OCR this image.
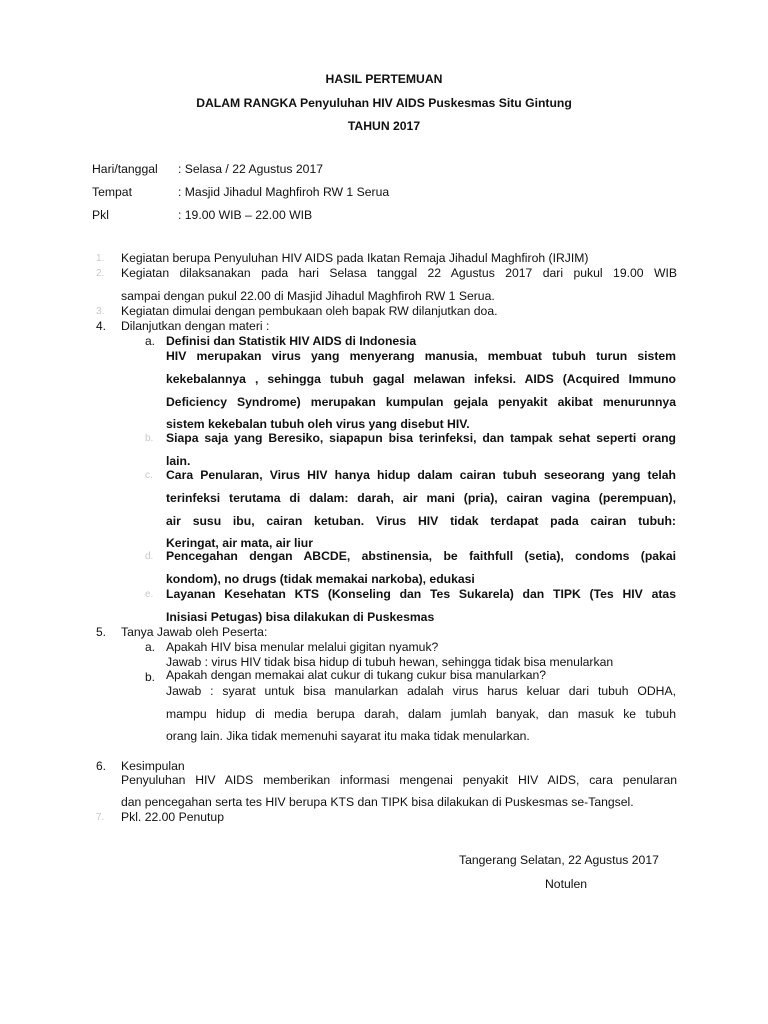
HASIL PERTEMUAN
DALAM RANGKA Penyuluhan HIV AIDS Puskesmas Situ Gintung
TAHUN 2017
Hari/tanggal : Selasa / 22 Agustus 2017
Tempat	: Masjid Jihadul Maghfiroh RW 1 Serua
Pkl	: 19.00 WIB – 22.00 WIB
1.	Kegiatan berupa Penyuluhan HIV AIDS pada Ikatan Remaja Jihadul Maghfiroh (IRJIM)
2.	Kegiatan dilaksanakan pada hari Selasa tanggal 22 Agustus 2017 dari pukul 19.00 WIB
sampai dengan pukul 22.00 di Masjid Jihadul Maghfiroh RW 1 Serua.
3.	Kegiatan dimulai dengan pembukaan oleh bapak RW dilanjutkan doa.
4.	Dilanjutkan dengan materi :
a. Definisi dan Statistik HIV AIDS di Indonesia
HIV merupakan virus yang menyerang manusia, membuat tubuh turun sistem
kekebalannya , sehingga tubuh gagal melawan infeksi. AIDS (Acquired Immuno
Deficiency Syndrome) merupakan kumpulan gejala penyakit akibat menurunnya
sistem kekebalan tubuh oleh virus yang disebut HIV.
b. Siapa saja yang Beresiko, siapapun bisa terinfeksi, dan tampak sehat seperti orang
lain.
c. Cara Penularan, Virus HIV hanya hidup dalam cairan tubuh seseorang yang telah
terinfeksi terutama di dalam: darah, air mani (pria), cairan vagina (perempuan),
air susu ibu, cairan ketuban. Virus HIV tidak terdapat pada cairan tubuh:
Keringat, air mata, air liur
d. Pencegahan dengan ABCDE, abstinensia, be faithfull (setia), condoms (pakai
kondom), no drugs (tidak memakai narkoba), edukasi
e. Layanan Kesehatan KTS (Konseling dan Tes Sukarela) dan TIPK (Tes HIV atas
Inisiasi Petugas) bisa dilakukan di Puskesmas
5.	Tanya Jawab oleh Peserta:
a. Apakah HIV bisa menular melalui gigitan nyamuk?
Jawab : virus HIV tidak bisa hidup di tubuh hewan, sehingga tidak bisa menularkan
b. Apakah dengan memakai alat cukur di tukang cukur bisa manularkan?
Jawab : syarat untuk bisa manularkan adalah virus harus keluar dari tubuh ODHA,
mampu hidup di media berupa darah, dalam jumlah banyak, dan masuk ke tubuh
orang lain. Jika tidak memenuhi sayarat itu maka tidak menularkan.
6.	Kesimpulan
Penyuluhan HIV AIDS memberikan informasi mengenai penyakit HIV AIDS, cara penularan
dan pencegahan serta tes HIV berupa KTS dan TIPK bisa dilakukan di Puskesmas se-Tangsel.
7.	Pkl. 22.00 Penutup
Tangerang Selatan, 22 Agustus 2017
Notulen
